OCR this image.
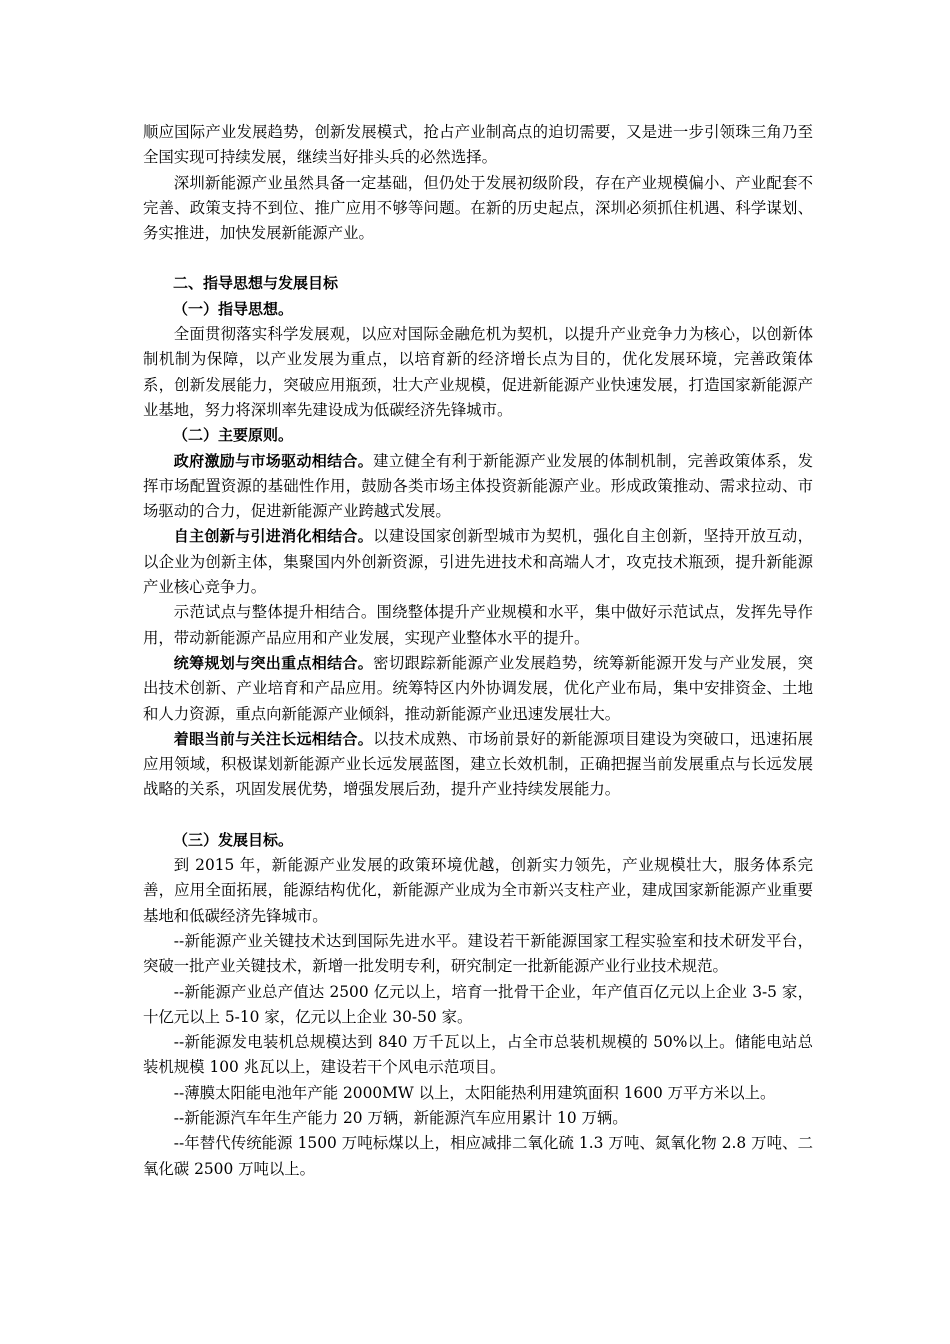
顺应国际产业发展趋势，创新发展模式，抢占产业制高点的迫切需要，又是进一步引领珠三角乃至全国实现可持续发展，继续当好排头兵的必然选择。

深圳新能源产业虽然具备一定基础，但仍处于发展初级阶段，存在产业规模偏小、产业配套不完善、政策支持不到位、推广应用不够等问题。在新的历史起点，深圳必须抓住机遇、科学谋划、务实推进，加快发展新能源产业。

二、指导思想与发展目标

（一）指导思想。

全面贯彻落实科学发展观，以应对国际金融危机为契机，以提升产业竞争力为核心，以创新体制机制为保障，以产业发展为重点，以培育新的经济增长点为目的，优化发展环境，完善政策体系，创新发展能力，突破应用瓶颈，壮大产业规模，促进新能源产业快速发展，打造国家新能源产业基地，努力将深圳率先建设成为低碳经济先锋城市。

（二）主要原则。

政府激励与市场驱动相结合。建立健全有利于新能源产业发展的体制机制，完善政策体系，发挥市场配置资源的基础性作用，鼓励各类市场主体投资新能源产业。形成政策推动、需求拉动、市场驱动的合力，促进新能源产业跨越式发展。

自主创新与引进消化相结合。以建设国家创新型城市为契机，强化自主创新，坚持开放互动，以企业为创新主体，集聚国内外创新资源，引进先进技术和高端人才，攻克技术瓶颈，提升新能源产业核心竞争力。

示范试点与整体提升相结合。围绕整体提升产业规模和水平，集中做好示范试点，发挥先导作用，带动新能源产品应用和产业发展，实现产业整体水平的提升。

统筹规划与突出重点相结合。密切跟踪新能源产业发展趋势，统筹新能源开发与产业发展，突出技术创新、产业培育和产品应用。统筹特区内外协调发展，优化产业布局，集中安排资金、土地和人力资源，重点向新能源产业倾斜，推动新能源产业迅速发展壮大。

着眼当前与关注长远相结合。以技术成熟、市场前景好的新能源项目建设为突破口，迅速拓展应用领域，积极谋划新能源产业长远发展蓝图，建立长效机制，正确把握当前发展重点与长远发展战略的关系，巩固发展优势，增强发展后劲，提升产业持续发展能力。

（三）发展目标。

到 2015 年，新能源产业发展的政策环境优越，创新实力领先，产业规模壮大，服务体系完善，应用全面拓展，能源结构优化，新能源产业成为全市新兴支柱产业，建成国家新能源产业重要基地和低碳经济先锋城市。

--新能源产业关键技术达到国际先进水平。建设若干新能源国家工程实验室和技术研发平台，突破一批产业关键技术，新增一批发明专利，研究制定一批新能源产业行业技术规范。

--新能源产业总产值达 2500 亿元以上，培育一批骨干企业，年产值百亿元以上企业 3-5 家，十亿元以上 5-10 家，亿元以上企业 30-50 家。

--新能源发电装机总规模达到 840 万千瓦以上，占全市总装机规模的 50%以上。储能电站总装机规模 100 兆瓦以上，建设若干个风电示范项目。

--薄膜太阳能电池年产能 2000MW 以上，太阳能热利用建筑面积 1600 万平方米以上。

--新能源汽车年生产能力 20 万辆，新能源汽车应用累计 10 万辆。

--年替代传统能源 1500 万吨标煤以上，相应减排二氧化硫 1.3 万吨、氮氧化物 2.8 万吨、二氧化碳 2500 万吨以上。
